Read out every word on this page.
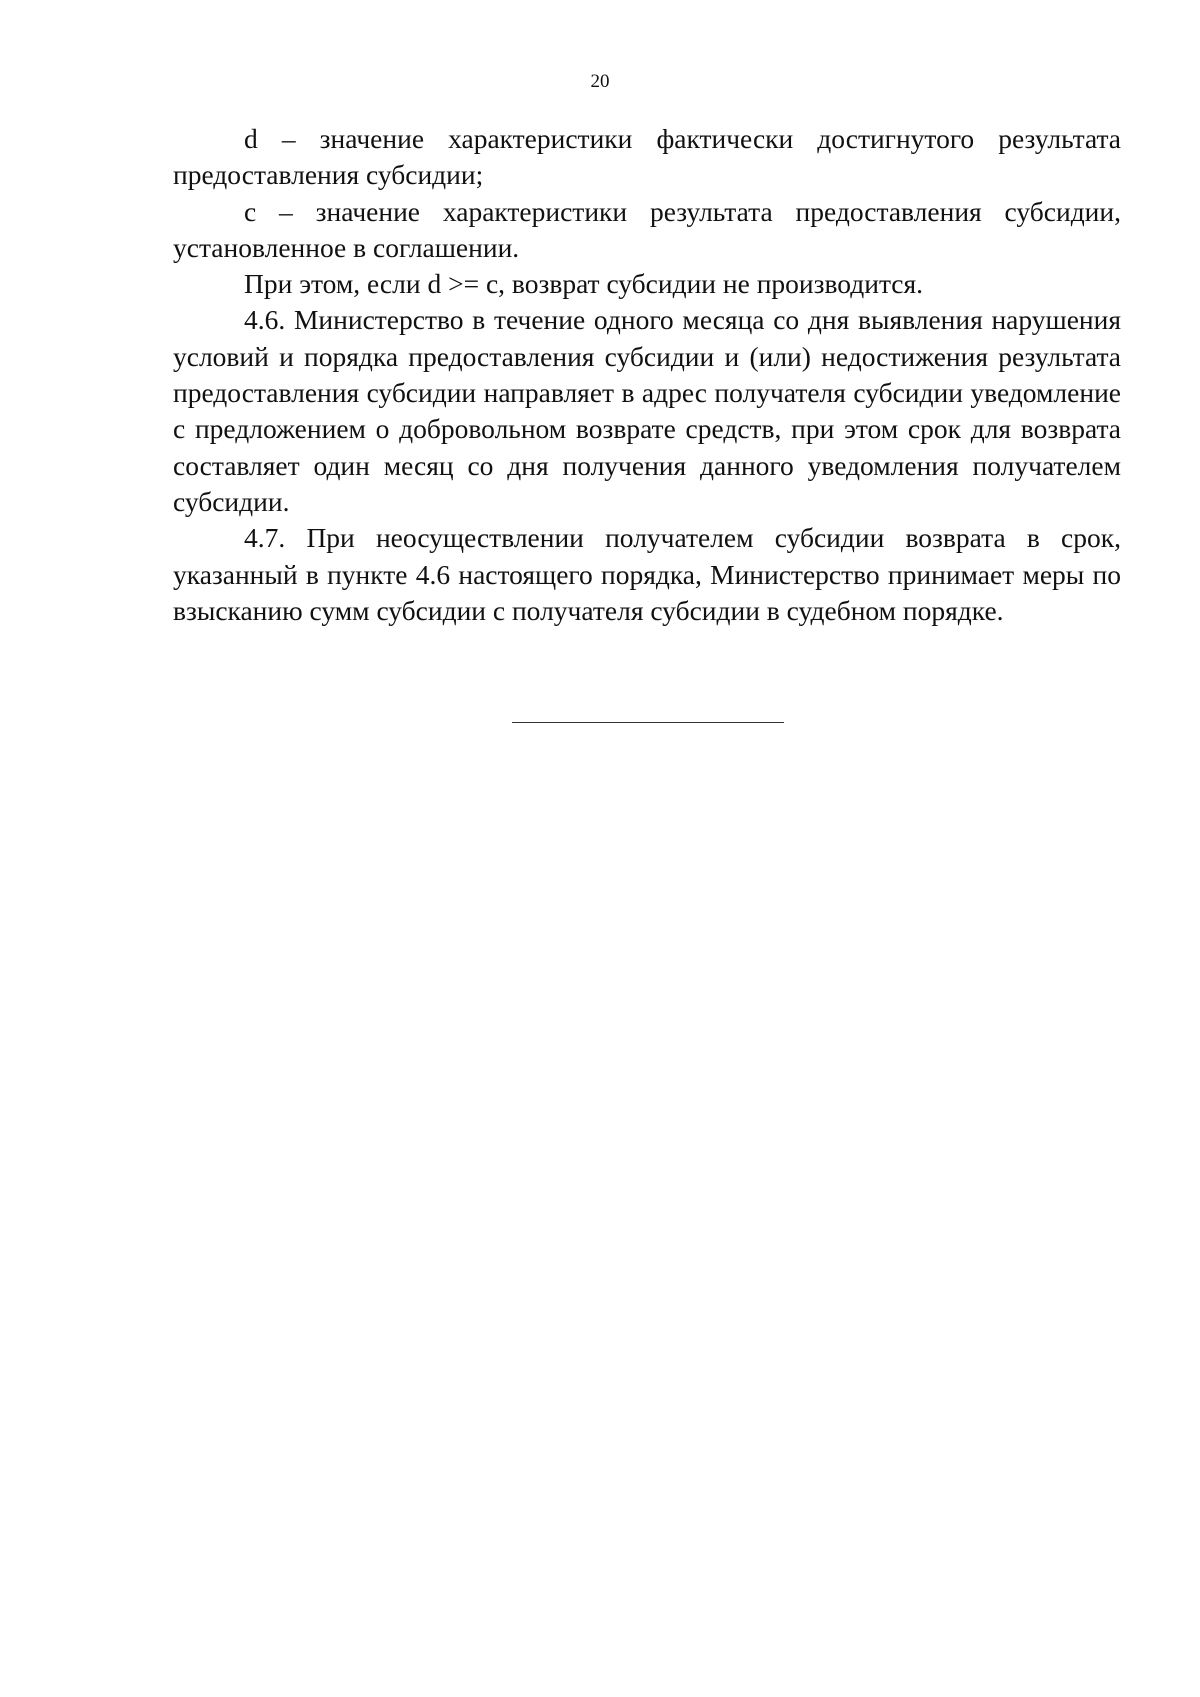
20

d – значение характеристики фактически достигнутого результата предоставления субсидии;

c – значение характеристики результата предоставления субсидии, установленное в соглашении.

При этом, если d >= c, возврат субсидии не производится.

4.6. Министерство в течение одного месяца со дня выявления нарушения условий и порядка предоставления субсидии и (или) недостижения результата предоставления субсидии направляет в адрес получателя субсидии уведомление с предложением о добровольном возврате средств, при этом срок для возврата составляет один месяц со дня получения данного уведомления получателем субсидии.

4.7. При неосуществлении получателем субсидии возврата в срок, указанный в пункте 4.6 настоящего порядка, Министерство принимает меры по взысканию сумм субсидии с получателя субсидии в судебном порядке.
